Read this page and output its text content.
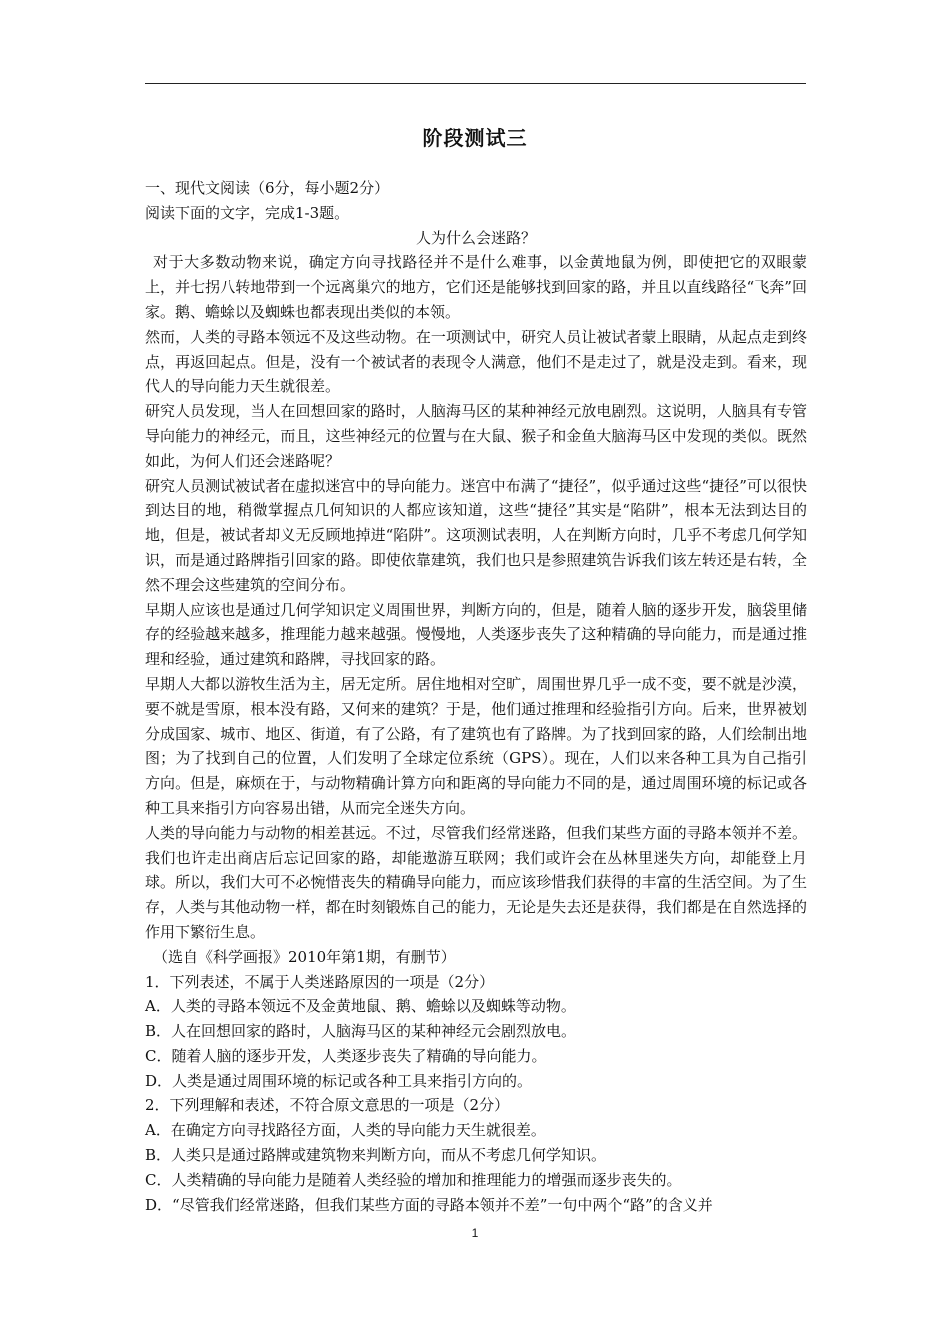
阶段测试三

一、现代文阅读（6分，每小题2分）

阅读下面的文字，完成1-3题。

人为什么会迷路？

对于大多数动物来说，确定方向寻找路径并不是什么难事，以金黄地鼠为例，即使把它的双眼蒙上，并七拐八转地带到一个远离巢穴的地方，它们还是能够找到回家的路，并且以直线路径“飞奔”回家。鹅、蟾蜍以及蜘蛛也都表现出类似的本领。

然而，人类的寻路本领远不及这些动物。在一项测试中，研究人员让被试者蒙上眼睛，从起点走到终点，再返回起点。但是，没有一个被试者的表现令人满意，他们不是走过了，就是没走到。看来，现代人的导向能力天生就很差。

研究人员发现，当人在回想回家的路时，人脑海马区的某种神经元放电剧烈。这说明，人脑具有专管导向能力的神经元，而且，这些神经元的位置与在大鼠、猴子和金鱼大脑海马区中发现的类似。既然如此，为何人们还会迷路呢？

研究人员测试被试者在虚拟迷宫中的导向能力。迷宫中布满了“捷径”，似乎通过这些“捷径”可以很快到达目的地，稍微掌握点几何知识的人都应该知道，这些“捷径”其实是“陷阱”，根本无法到达目的地，但是，被试者却义无反顾地掉进“陷阱”。这项测试表明，人在判断方向时，几乎不考虑几何学知识，而是通过路牌指引回家的路。即使依靠建筑，我们也只是参照建筑告诉我们该左转还是右转，全然不理会这些建筑的空间分布。

早期人应该也是通过几何学知识定义周围世界，判断方向的，但是，随着人脑的逐步开发，脑袋里储存的经验越来越多，推理能力越来越强。慢慢地，人类逐步丧失了这种精确的导向能力，而是通过推理和经验，通过建筑和路牌，寻找回家的路。

早期人大都以游牧生活为主，居无定所。居住地相对空旷，周围世界几乎一成不变，要不就是沙漠，要不就是雪原，根本没有路，又何来的建筑？于是，他们通过推理和经验指引方向。后来，世界被划分成国家、城市、地区、街道，有了公路，有了建筑也有了路牌。为了找到回家的路，人们绘制出地图；为了找到自己的位置，人们发明了全球定位系统（GPS）。现在，人们以来各种工具为自己指引方向。但是，麻烦在于，与动物精确计算方向和距离的导向能力不同的是，通过周围环境的标记或各种工具来指引方向容易出错，从而完全迷失方向。

人类的导向能力与动物的相差甚远。不过，尽管我们经常迷路，但我们某些方面的寻路本领并不差。我们也许走出商店后忘记回家的路，却能遨游互联网；我们或许会在丛林里迷失方向，却能登上月球。所以，我们大可不必惋惜丧失的精确导向能力，而应该珍惜我们获得的丰富的生活空间。为了生存，人类与其他动物一样，都在时刻锻炼自己的能力，无论是失去还是获得，我们都是在自然选择的作用下繁衍生息。

（选自《科学画报》2010年第1期，有删节）

1．下列表述，不属于人类迷路原因的一项是（2分）

A．人类的寻路本领远不及金黄地鼠、鹅、蟾蜍以及蜘蛛等动物。

B．人在回想回家的路时，人脑海马区的某种神经元会剧烈放电。

C．随着人脑的逐步开发，人类逐步丧失了精确的导向能力。

D．人类是通过周围环境的标记或各种工具来指引方向的。

2．下列理解和表述，不符合原文意思的一项是（2分）

A．在确定方向寻找路径方面，人类的导向能力天生就很差。

B．人类只是通过路牌或建筑物来判断方向，而从不考虑几何学知识。

C．人类精确的导向能力是随着人类经验的增加和推理能力的增强而逐步丧失的。

D．“尽管我们经常迷路，但我们某些方面的寻路本领并不差”一句中两个“路”的含义并

1
